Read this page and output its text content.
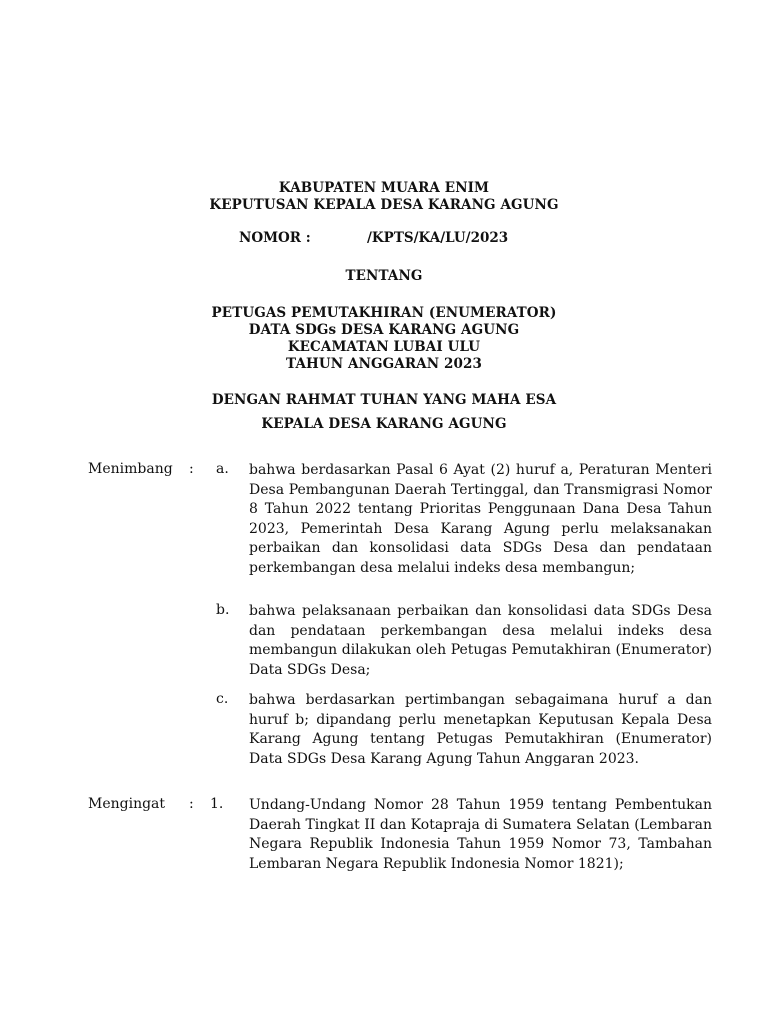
KABUPATEN MUARA ENIM

KEPUTUSAN KEPALA DESA KARANG AGUNG

NOMOR :	/KPTS/KA/LU/2023

TENTANG

PETUGAS PEMUTAKHIRAN (ENUMERATOR)

DATA SDGs DESA KARANG AGUNG

KECAMATAN LUBAI ULU

TAHUN ANGGARAN 2023

DENGAN RAHMAT TUHAN YANG MAHA ESA

KEPALA DESA KARANG AGUNG

Menimbang : a. bahwa berdasarkan Pasal 6 Ayat (2) huruf a, Peraturan Menteri Desa Pembangunan Daerah Tertinggal, dan Transmigrasi Nomor 8 Tahun 2022 tentang Prioritas Penggunaan Dana Desa Tahun 2023, Pemerintah Desa Karang Agung perlu melaksanakan perbaikan dan konsolidasi data SDGs Desa dan pendataan perkembangan desa melalui indeks desa membangun;

b. bahwa pelaksanaan perbaikan dan konsolidasi data SDGs Desa dan pendataan perkembangan desa melalui indeks desa membangun dilakukan oleh Petugas Pemutakhiran (Enumerator) Data SDGs Desa;

c. bahwa berdasarkan pertimbangan sebagaimana huruf a dan huruf b; dipandang perlu menetapkan Keputusan Kepala Desa Karang Agung tentang Petugas Pemutakhiran (Enumerator) Data SDGs Desa Karang Agung Tahun Anggaran 2023.

Mengingat : 1. Undang-Undang Nomor 28 Tahun 1959 tentang Pembentukan Daerah Tingkat II dan Kotapraja di Sumatera Selatan (Lembaran Negara Republik Indonesia Tahun 1959 Nomor 73, Tambahan Lembaran Negara Republik Indonesia Nomor 1821);
